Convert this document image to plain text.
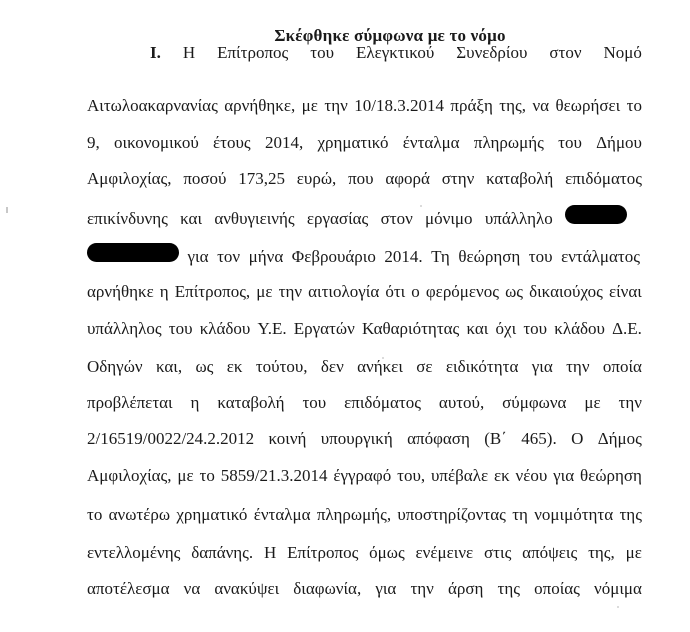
Σκέφθηκε σύμφωνα με το νόμο
I. Η Επίτροπος του Ελεγκτικού Συνεδρίου στον Νομό
Αιτωλοακαρνανίας αρνήθηκε, με την 10/18.3.2014 πράξη της, να θεωρήσει το
9, οικονομικού έτους 2014, χρηματικό ένταλμα πληρωμής του Δήμου
Αμφιλοχίας, ποσού 173,25 ευρώ, που αφορά στην καταβολή επιδόματος
επικίνδυνης και ανθυγιεινής εργασίας στον μόνιμο υπάλληλο
για τον μήνα Φεβρουάριο 2014. Τη θεώρηση του εντάλματος
αρνήθηκε η Επίτροπος, με την αιτιολογία ότι ο φερόμενος ως δικαιούχος είναι
υπάλληλος του κλάδου Υ.Ε. Εργατών Καθαριότητας και όχι του κλάδου Δ.Ε.
Οδηγών και, ως εκ τούτου, δεν ανήκει σε ειδικότητα για την οποία
προβλέπεται η καταβολή του επιδόματος αυτού, σύμφωνα με την
2/16519/0022/24.2.2012 κοινή υπουργική απόφαση (Β΄ 465). Ο Δήμος
Αμφιλοχίας, με το 5859/21.3.2014 έγγραφό του, υπέβαλε εκ νέου για θεώρηση
το ανωτέρω χρηματικό ένταλμα πληρωμής, υποστηρίζοντας τη νομιμότητα της
εντελλομένης δαπάνης. Η Επίτροπος όμως ενέμεινε στις απόψεις της, με
αποτέλεσμα να ανακύψει διαφωνία, για την άρση της οποίας νόμιμα
